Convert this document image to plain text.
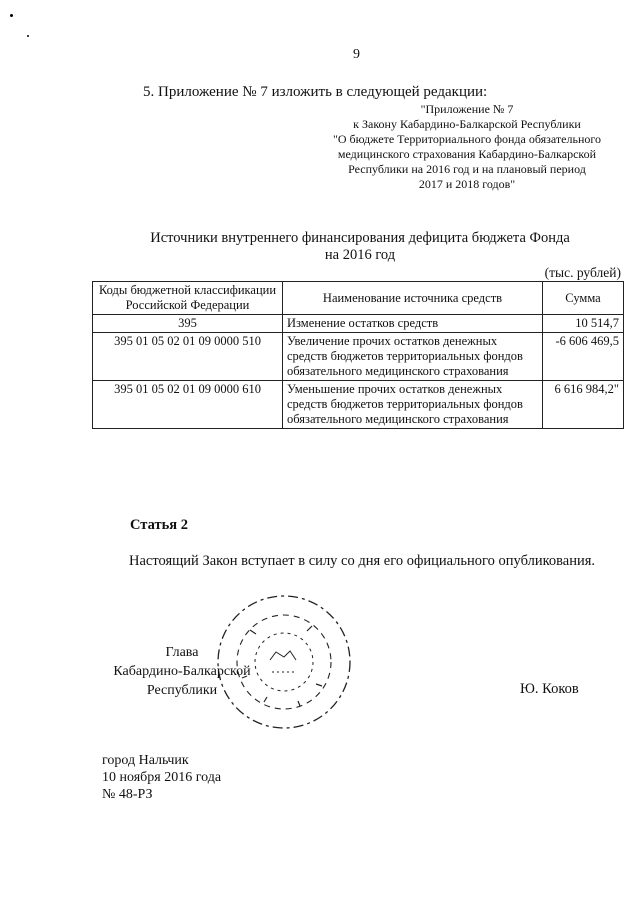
9
5. Приложение № 7 изложить в следующей редакции:
"Приложение № 7
к Закону Кабардино-Балкарской Республики
"О бюджете Территориального фонда обязательного
медицинского страхования Кабардино-Балкарской
Республики на 2016 год и на плановый период
2017 и 2018 годов"
Источники внутреннего финансирования дефицита бюджета Фонда
на 2016 год
(тыс. рублей)
Коды бюджетной классификации Российской Федерации	Наименование источника средств	Сумма
395	Изменение остатков средств	10 514,7
395 01 05 02 01 09 0000 510	Увеличение прочих остатков денежных средств бюджетов территориальных фондов обязательного медицинского страхования	-6 606 469,5
395 01 05 02 01 09 0000 610	Уменьшение прочих остатков денежных средств бюджетов территориальных фондов обязательного медицинского страхования	6 616 984,2"
Статья 2
Настоящий Закон вступает в силу со дня его официального опубликования.
Глава
Кабардино-Балкарской
Республики	Ю. Коков
город Нальчик
10 ноября 2016 года
№ 48-РЗ
